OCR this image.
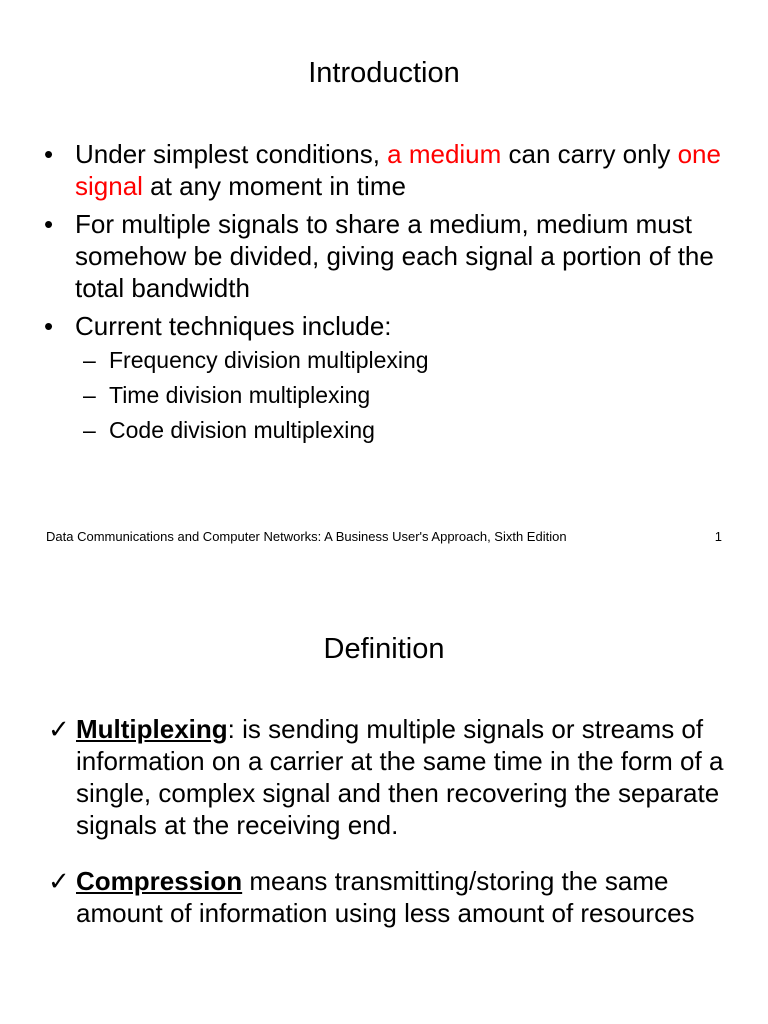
Introduction
• Under simplest conditions, a medium can carry only one signal at any moment in time
• For multiple signals to share a medium, medium must somehow be divided, giving each signal a portion of the total bandwidth
• Current techniques include:
– Frequency division multiplexing
– Time division multiplexing
– Code division multiplexing
Data Communications and Computer Networks: A Business User's Approach, Sixth Edition	1
Definition
✓ Multiplexing: is sending multiple signals or streams of information on a carrier at the same time in the form of a single, complex signal and then recovering the separate signals at the receiving end.
✓ Compression means transmitting/storing the same amount of information using less amount of resources
